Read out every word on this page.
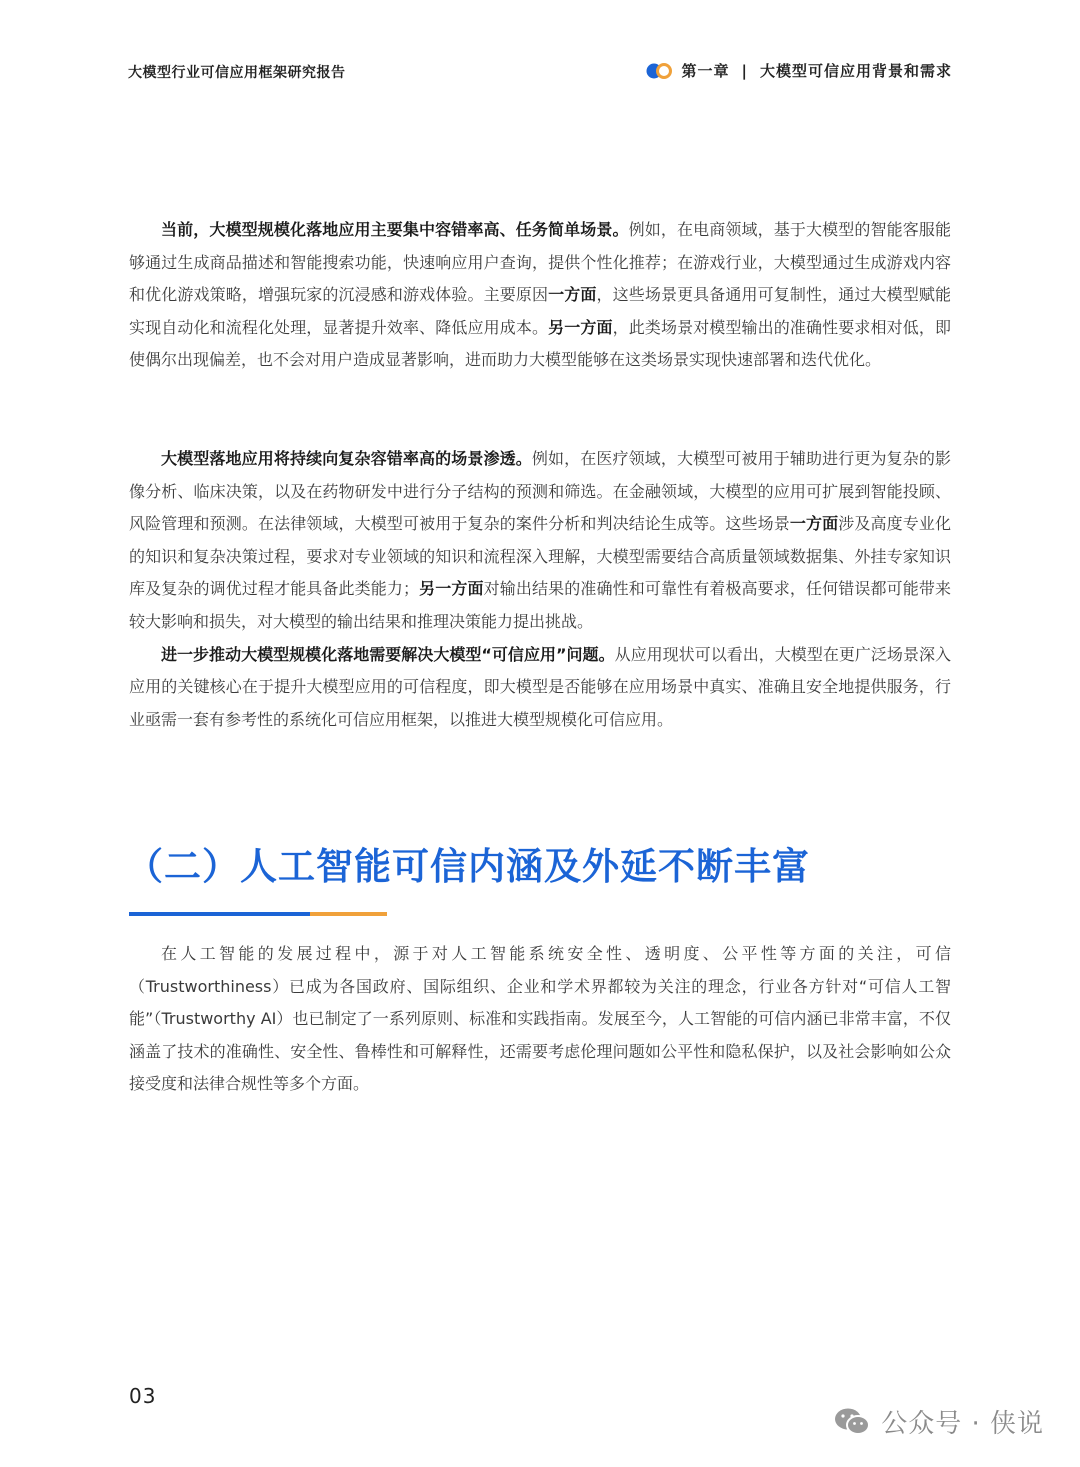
大模型行业可信应用框架研究报告	第一章 | 大模型可信应用背景和需求

当前，大模型规模化落地应用主要集中容错率高、任务简单场景。例如，在电商领域，基于大模型的智能客服能够通过生成商品描述和智能搜索功能，快速响应用户查询，提供个性化推荐；在游戏行业，大模型通过生成游戏内容和优化游戏策略，增强玩家的沉浸感和游戏体验。主要原因一方面，这些场景更具备通用可复制性，通过大模型赋能实现自动化和流程化处理，显著提升效率、降低应用成本。另一方面，此类场景对模型输出的准确性要求相对低，即使偶尔出现偏差，也不会对用户造成显著影响，进而助力大模型能够在这类场景实现快速部署和迭代优化。

大模型落地应用将持续向复杂容错率高的场景渗透。例如，在医疗领域，大模型可被用于辅助进行更为复杂的影像分析、临床决策，以及在药物研发中进行分子结构的预测和筛选。在金融领域，大模型的应用可扩展到智能投顾、风险管理和预测。在法律领域，大模型可被用于复杂的案件分析和判决结论生成等。这些场景一方面涉及高度专业化的知识和复杂决策过程，要求对专业领域的知识和流程深入理解，大模型需要结合高质量领域数据集、外挂专家知识库及复杂的调优过程才能具备此类能力；另一方面对输出结果的准确性和可靠性有着极高要求，任何错误都可能带来较大影响和损失，对大模型的输出结果和推理决策能力提出挑战。

进一步推动大模型规模化落地需要解决大模型“可信应用”问题。从应用现状可以看出，大模型在更广泛场景深入应用的关键核心在于提升大模型应用的可信程度，即大模型是否能够在应用场景中真实、准确且安全地提供服务，行业亟需一套有参考性的系统化可信应用框架，以推进大模型规模化可信应用。

（二）人工智能可信内涵及外延不断丰富

在人工智能的发展过程中，源于对人工智能系统安全性、透明度、公平性等方面的关注，可信（Trustworthiness）已成为各国政府、国际组织、企业和学术界都较为关注的理念，行业各方针对“可信人工智能”（Trustworthy AI）也已制定了一系列原则、标准和实践指南。发展至今，人工智能的可信内涵已非常丰富，不仅涵盖了技术的准确性、安全性、鲁棒性和可解释性，还需要考虑伦理问题如公平性和隐私保护，以及社会影响如公众接受度和法律合规性等多个方面。

03
公众号 · 侠说
